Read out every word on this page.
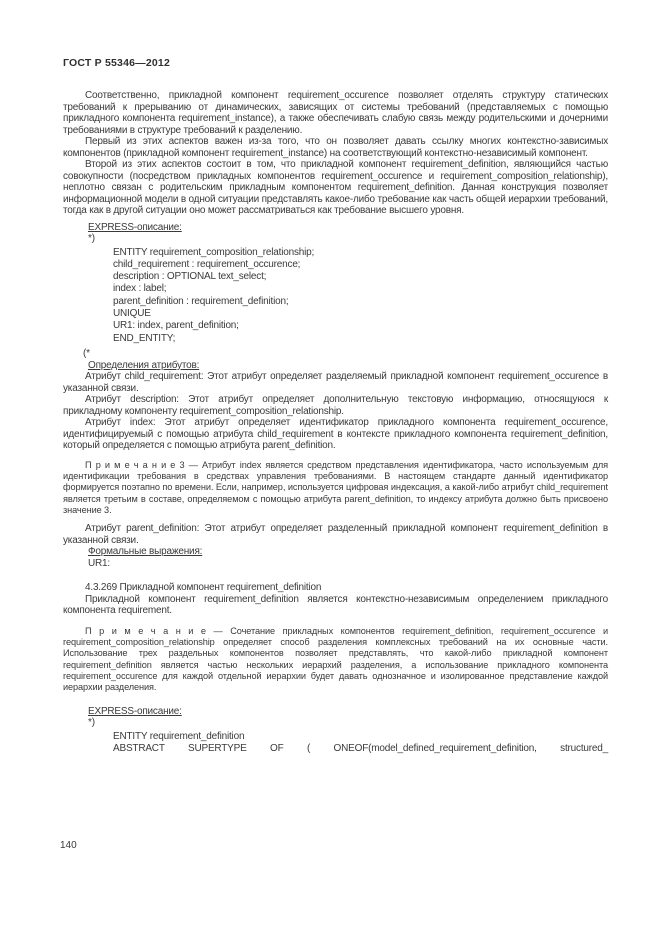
ГОСТ Р 55346—2012

Соответственно, прикладной компонент requirement_occurence позволяет отделять структуру статических требований к прерыванию от динамических, зависящих от системы требований (представляемых с помощью прикладного компонента requirement_instance), а также обеспечивать слабую связь между родительскими и дочерними требованиями в структуре требований к разделению.

Первый из этих аспектов важен из-за того, что он позволяет давать ссылку многих контекстно-зависимых компонентов (прикладной компонент requirement_instance) на соответствующий контекстно-независимый компонент.

Второй из этих аспектов состоит в том, что прикладной компонент requirement_definition, являющийся частью совокупности (посредством прикладных компонентов requirement_occurence и requirement_composition_relationship), неплотно связан с родительским прикладным компонентом requirement_definition. Данная конструкция позволяет информационной модели в одной ситуации представлять какое-либо требование как часть общей иерархии требований, тогда как в другой ситуации оно может рассматриваться как требование высшего уровня.

EXPRESS-описание:
*)
ENTITY requirement_composition_relationship;
child_requirement : requirement_occurence;
description : OPTIONAL text_select;
index : label;
parent_definition : requirement_definition;
UNIQUE
UR1: index, parent_definition;
END_ENTITY;
(*
Определения атрибутов:

Атрибут child_requirement: Этот атрибут определяет разделяемый прикладной компонент requirement_occurence в указанной связи.

Атрибут description: Этот атрибут определяет дополнительную текстовую информацию, относящуюся к прикладному компоненту requirement_composition_relationship.

Атрибут index: Этот атрибут определяет идентификатор прикладного компонента requirement_occurence, идентифицируемый с помощью атрибута child_requirement в контексте прикладного компонента requirement_definition, который определяется с помощью атрибута parent_definition.

П р и м е ч а н и е 3 — Атрибут index является средством представления идентификатора, часто используемым для идентификации требования в средствах управления требованиями. В настоящем стандарте данный идентификатор формируется поэтапно по времени. Если, например, используется цифровая индексация, а какой-либо атрибут child_requirement является третьим в составе, определяемом с помощью атрибута parent_definition, то индексу атрибута должно быть присвоено значение 3.

Атрибут parent_definition: Этот атрибут определяет разделенный прикладной компонент requirement_definition в указанной связи.

Формальные выражения:
UR1:

4.3.269 Прикладной компонент requirement_definition

Прикладной компонент requirement_definition является контекстно-независимым определением прикладного компонента requirement.

П р и м е ч а н и е — Сочетание прикладных компонентов requirement_definition, requirement_occurence и requirement_composition_relationship определяет способ разделения комплексных требований на их основные части. Использование трех раздельных компонентов позволяет представлять, что какой-либо прикладной компонент requirement_definition является частью нескольких иерархий разделения, а использование прикладного компонента requirement_occurence для каждой отдельной иерархии будет давать однозначное и изолированное представление каждой иерархии разделения.

EXPRESS-описание:
*)
ENTITY requirement_definition
ABSTRACT SUPERTYPE OF ( ONEOF(model_defined_requirement_definition, structured_
140
